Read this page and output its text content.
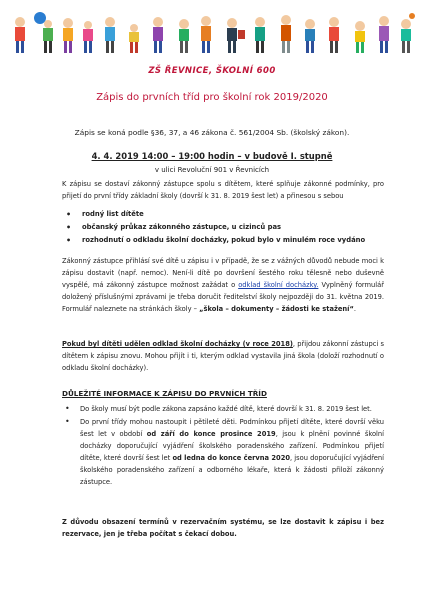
ZŠ ŘEVNICE, ŠKOLNÍ 600
Zápis do prvních tříd pro školní rok 2019/2020
Zápis se koná podle §36, 37, a 46 zákona č. 561/2004 Sb. (školský zákon).
4. 4. 2019 14:00 – 19:00 hodin – v budově I. stupně
v ulici Revoluční 901 v Řevnicích
K zápisu se dostaví zákonný zástupce spolu s dítětem, které splňuje zákonné podmínky, pro přijetí do první třídy základní školy (dovrší k 31. 8. 2019 šest let) a přinesou s sebou
• rodný list dítěte
• občanský průkaz zákonného zástupce, u cizinců pas
• rozhodnutí o odkladu školní docházky, pokud bylo v minulém roce vydáno
Zákonný zástupce přihlásí své dítě u zápisu i v případě, že se z vážných důvodů nebude moci k zápisu dostavit (např. nemoc). Není-li dítě po dovršení šestého roku tělesně nebo duševně vyspělé, má zákonný zástupce možnost zažádat o odklad školní docházky. Vyplněný formulář doložený příslušnými zprávami je třeba doručit ředitelství školy nejpozději do 31. května 2019. Formulář naleznete na stránkách školy – „škola – dokumenty – žádosti ke stažení“.
Pokud byl dítěti udělen odklad školní docházky (v roce 2018), přijdou zákonní zástupci s dítětem k zápisu znovu. Mohou přijít i ti, kterým odklad vystavila jiná škola (doloží rozhodnutí o odkladu školní docházky).
DŮLEŽITÉ INFORMACE K ZÁPISU DO PRVNÍCH TŘÍD
• Do školy musí být podle zákona zapsáno každé dítě, které dovrší k 31. 8. 2019 šest let.
• Do první třídy mohou nastoupit i pětileté děti. Podmínkou přijetí dítěte, které dovrší věku šest let v období od září do konce prosince 2019, jsou k plnění povinné školní docházky doporučující vyjádření školského poradenského zařízení. Podmínkou přijetí dítěte, které dovrší šest let od ledna do konce června 2020, jsou doporučující vyjádření školského poradenského zařízení a odborného lékaře, která k žádosti přiloží zákonný zástupce.
Z důvodu obsazení termínů v rezervačním systému, se lze dostavit k zápisu i bez rezervace, jen je třeba počítat s čekací dobou.
